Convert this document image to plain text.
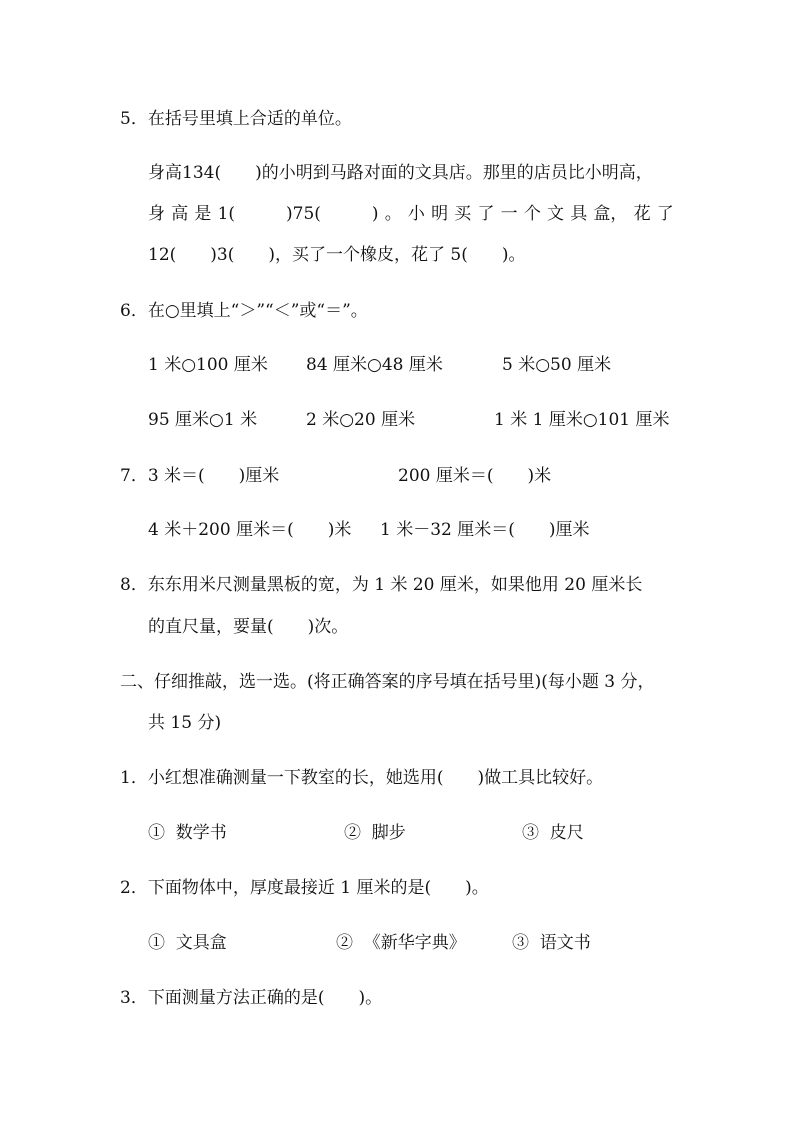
5．在括号里填上合适的单位。
身高134(　　)的小明到马路对面的文具店。那里的店员比小明高，
身 高 是 1(　　　)75(　　　) 。 小 明 买 了 一 个 文 具 盒， 花 了
12(　　)3(　　)，买了一个橡皮，花了 5(　　)。
6．在○里填上“＞”“＜”或“＝”。
1 米○100 厘米 84 厘米○48 厘米	5 米○50 厘米
95 厘米○1 米	2 米○20 厘米	1 米 1 厘米○101 厘米
7．3 米＝(　　)厘米	200 厘米＝(　　)米
4 米＋200 厘米＝(　　)米 1 米－32 厘米＝(　　)厘米
8．东东用米尺测量黑板的宽，为 1 米 20 厘米，如果他用 20 厘米长
的直尺量，要量(　　)次。
二、仔细推敲，选一选。(将正确答案的序号填在括号里)(每小题 3 分，
共 15 分)
1．小红想准确测量一下教室的长，她选用(　　)做工具比较好。
①  数学书	②  脚步	③  皮尺
2．下面物体中，厚度最接近 1 厘米的是(　　)。
①  文具盒	②  《新华字典》	③  语文书
3．下面测量方法正确的是(　　)。
